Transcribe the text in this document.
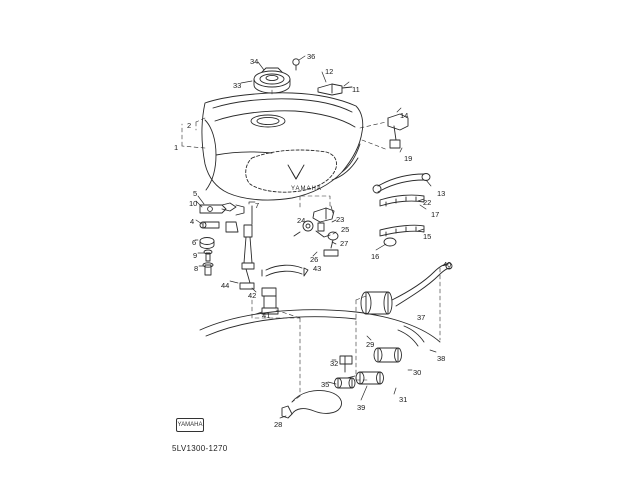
YAMAHA
34
36
33
12
11
2
1
14
19
13
5
10	22
17
4	24	23
25
6
15
27
9	16
26
8
7
43	40
44
42
37
41
29
38
32
30
35
31
39
28
YAMAHA
5LV1300-1270
